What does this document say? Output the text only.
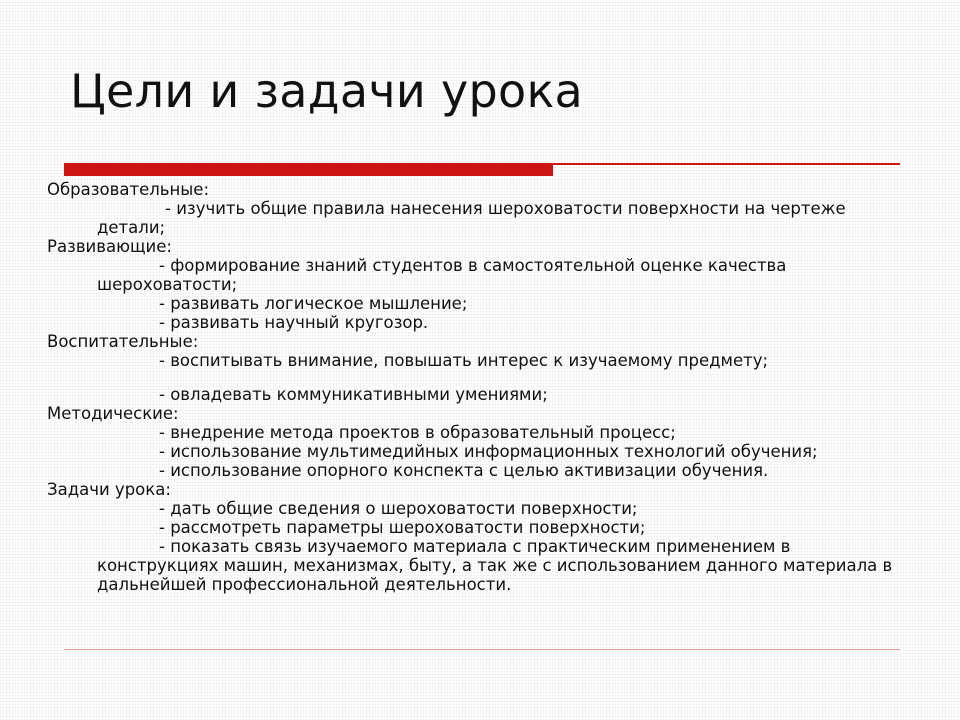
Цели и задачи урока

Образовательные:

- изучить общие правила нанесения шероховатости поверхности на чертеже детали;

Развивающие:

- формирование знаний студентов в самостоятельной оценке качества шероховатости;

- развивать логическое мышление;

- развивать научный кругозор.

Воспитательные:

- воспитывать внимание, повышать интерес к изучаемому предмету;

- овладевать коммуникативными умениями;

Методические:

- внедрение метода проектов в образовательный процесс;

- использование мультимедийных информационных технологий обучения;

- использование опорного конспекта с целью активизации обучения.

Задачи урока:

- дать общие сведения о шероховатости поверхности;

- рассмотреть параметры шероховатости поверхности;

- показать связь изучаемого материала с практическим применением в конструкциях машин, механизмах, быту, а так же с использованием данного материала в дальнейшей профессиональной деятельности.
